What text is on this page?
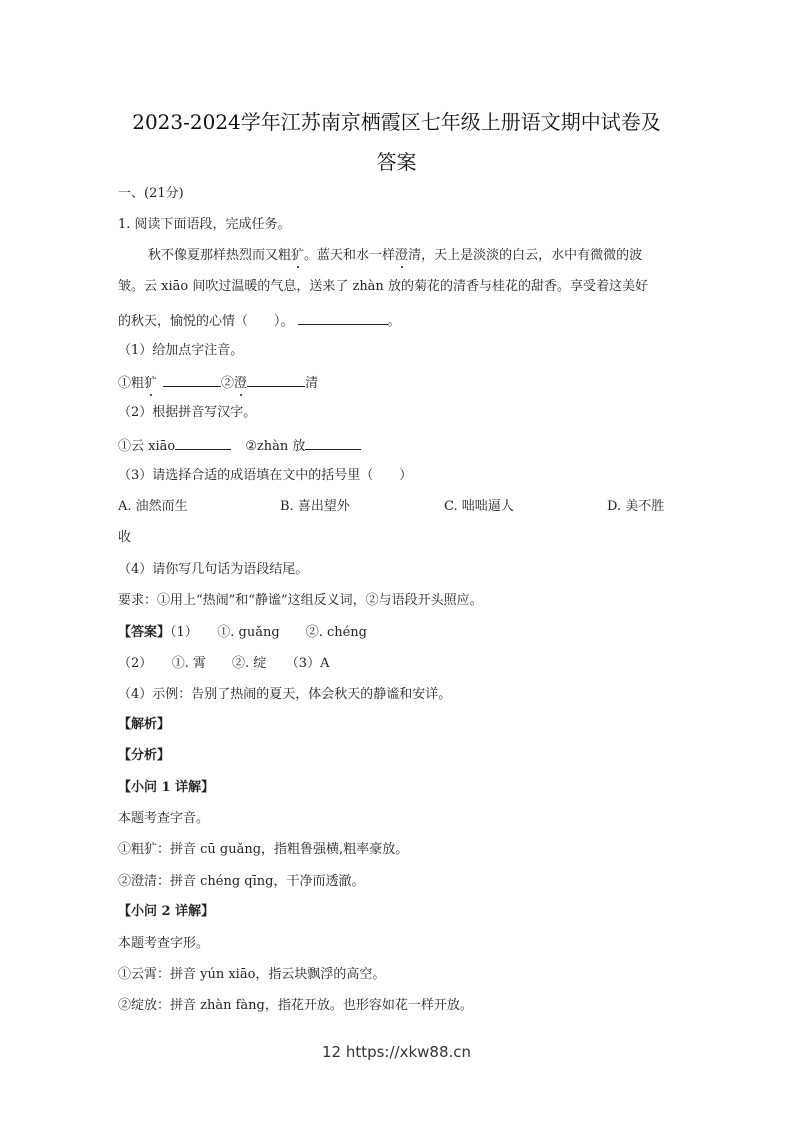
2023-2024学年江苏南京栖霞区七年级上册语文期中试卷及
答案
一、(21分)
1. 阅读下面语段，完成任务。
秋不像夏那样热烈而又粗犷。蓝天和水一样澄清，天上是淡淡的白云，水中有微微的波
皱。云 xiāo 间吹过温暖的气息，送来了 zhàn 放的菊花的清香与桂花的甜香。享受着这美好
的秋天，愉悦的心情（　　）。	。
（1）给加点字注音。
①粗犷	②澄	清
（2）根据拼音写汉字。
①云 xiāo	②zhàn 放
（3）请选择合适的成语填在文中的括号里（　　）
A. 油然而生	B. 喜出望外	C. 咄咄逼人	D. 美不胜
收
（4）请你写几句话为语段结尾。
要求：①用上“热闹”和“静谧”这组反义词，②与语段开头照应。
【答案】（1）　　①. guǎng　　②. chéng
（2）　　①. 霄　　②. 绽　　（3）A
（4）示例：告别了热闹的夏天，体会秋天的静谧和安详。
【解析】
【分析】
【小问 1 详解】
本题考查字音。
①粗犷：拼音 cū guǎng，指粗鲁强横,粗率豪放。
②澄清：拼音 chéng qīng，干净而透澈。
【小问 2 详解】
本题考查字形。
①云霄：拼音 yún xiāo，指云块飘浮的高空。
②绽放：拼音 zhàn fàng，指花开放。也形容如花一样开放。
12 https://xkw88.cn
